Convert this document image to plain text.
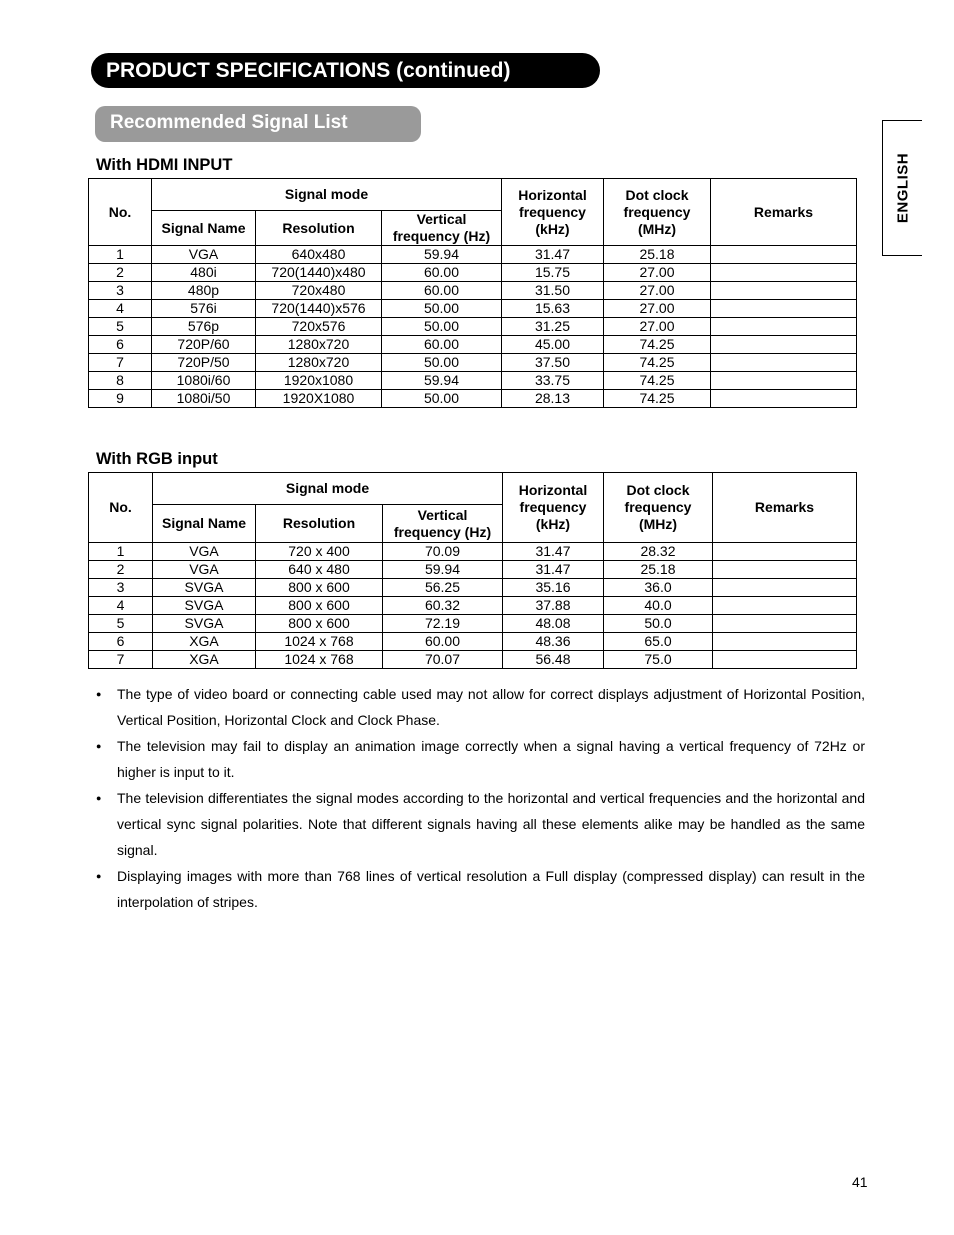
PRODUCT SPECIFICATIONS (continued)
Recommended Signal List
ENGLISH
With HDMI INPUT
No.	Signal mode			Horizontal frequency (kHz)	Dot clock frequency (MHz)	Remarks
	Signal Name	Resolution	Vertical frequency (Hz)			
1	VGA	640x480	59.94	31.47	25.18	
2	480i	720(1440)x480	60.00	15.75	27.00	
3	480p	720x480	60.00	31.50	27.00	
4	576i	720(1440)x576	50.00	15.63	27.00	
5	576p	720x576	50.00	31.25	27.00	
6	720P/60	1280x720	60.00	45.00	74.25	
7	720P/50	1280x720	50.00	37.50	74.25	
8	1080i/60	1920x1080	59.94	33.75	74.25	
9	1080i/50	1920X1080	50.00	28.13	74.25	
With RGB input
No.	Signal mode			Horizontal frequency (kHz)	Dot clock frequency (MHz)	Remarks
	Signal Name	Resolution	Vertical frequency (Hz)			
1	VGA	720 x 400	70.09	31.47	28.32	
2	VGA	640 x 480	59.94	31.47	25.18	
3	SVGA	800 x 600	56.25	35.16	36.0	
4	SVGA	800 x 600	60.32	37.88	40.0	
5	SVGA	800 x 600	72.19	48.08	50.0	
6	XGA	1024 x 768	60.00	48.36	65.0	
7	XGA	1024 x 768	70.07	56.48	75.0	
● The type of video board or connecting cable used may not allow for correct displays adjustment of Horizontal Position, Vertical Position, Horizontal Clock and Clock Phase.
● The television may fail to display an animation image correctly when a signal having a vertical frequency of 72Hz or higher is input to it.
● The television differentiates the signal modes according to the horizontal and vertical frequencies and the horizontal and vertical sync signal polarities. Note that different signals having all these elements alike may be handled as the same signal.
● Displaying images with more than 768 lines of vertical resolution a Full display (compressed display) can result in the interpolation of stripes.
41
